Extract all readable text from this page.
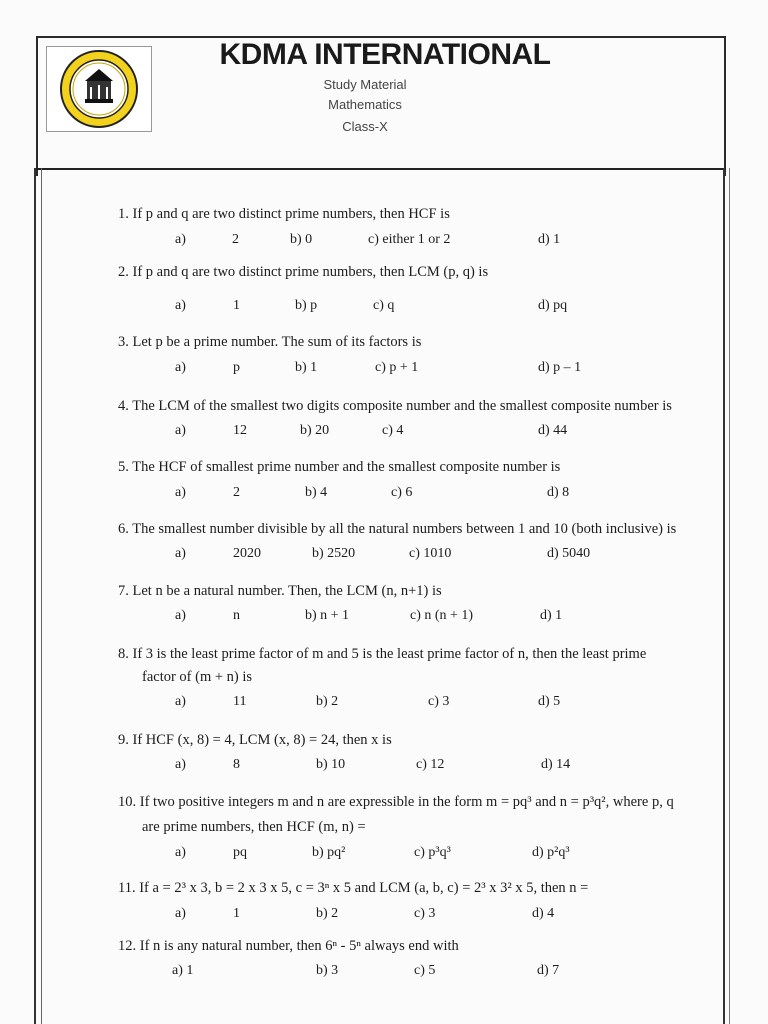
KDMA INTERNATIONAL
Study Material
Mathematics
Class-X
1. If p and q are two distinct prime numbers, then HCF is
a)	2	b) 0	c) either 1 or 2	d) 1
2. If p and q are two distinct prime numbers, then LCM (p, q) is
a)	1	b) p	c) q	d) pq
3. Let p be a prime number. The sum of its factors is
a)	p	b) 1	c) p + 1	d) p – 1
4. The LCM of the smallest two digits composite number and the smallest composite number is
a)	12	b) 20	c) 4	d) 44
5. The HCF of smallest prime number and the smallest composite number is
a)	2	b) 4	c) 6	d) 8
6. The smallest number divisible by all the natural numbers between 1 and 10 (both inclusive) is
a)	2020	b) 2520	c) 1010	d) 5040
7. Let n be a natural number. Then, the LCM (n, n+1) is
a)	n	b) n + 1	c) n (n + 1)	d) 1
8. If 3 is the least prime factor of m and 5 is the least prime factor of n, then the least prime
factor of (m + n) is
a)	11	b) 2	c) 3	d) 5
9. If HCF (x, 8) = 4, LCM (x, 8) = 24, then x is
a)	8	b) 10	c) 12	d) 14
10. If two positive integers m and n are expressible in the form m = pq³ and n = p³q², where p, q
are prime numbers, then HCF (m, n) =
a)	pq	b) pq²	c) p³q³	d) p²q³
11. If a = 2³ x 3, b = 2 x 3 x 5, c = 3ⁿ x 5 and LCM (a, b, c) = 2³ x 3² x 5, then n =
a)	1	b) 2	c) 3	d) 4
12. If n is any natural number, then 6ⁿ - 5ⁿ always end with
a) 1	b) 3	c) 5	d) 7
